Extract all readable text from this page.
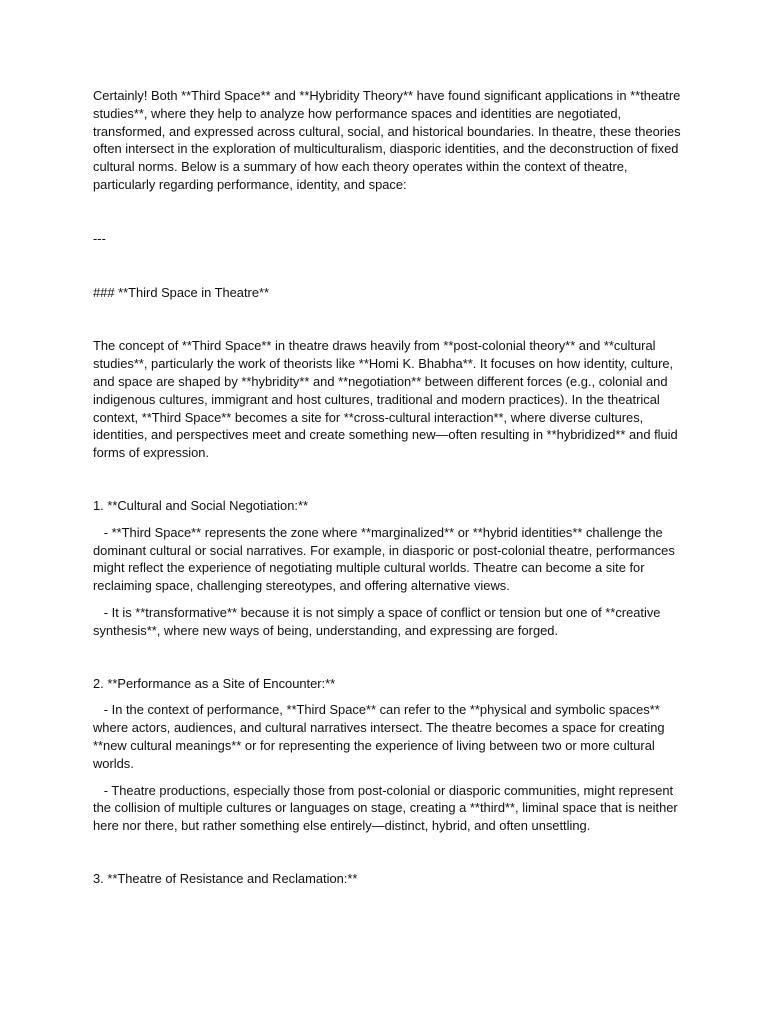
Certainly! Both **Third Space** and **Hybridity Theory** have found significant applications in **theatre studies**, where they help to analyze how performance spaces and identities are negotiated, transformed, and expressed across cultural, social, and historical boundaries. In theatre, these theories often intersect in the exploration of multiculturalism, diasporic identities, and the deconstruction of fixed cultural norms. Below is a summary of how each theory operates within the context of theatre, particularly regarding performance, identity, and space:

---

### **Third Space in Theatre**

The concept of **Third Space** in theatre draws heavily from **post-colonial theory** and **cultural studies**, particularly the work of theorists like **Homi K. Bhabha**. It focuses on how identity, culture, and space are shaped by **hybridity** and **negotiation** between different forces (e.g., colonial and indigenous cultures, immigrant and host cultures, traditional and modern practices). In the theatrical context, **Third Space** becomes a site for **cross-cultural interaction**, where diverse cultures, identities, and perspectives meet and create something new—often resulting in **hybridized** and fluid forms of expression.

1. **Cultural and Social Negotiation:**

- **Third Space** represents the zone where **marginalized** or **hybrid identities** challenge the dominant cultural or social narratives. For example, in diasporic or post-colonial theatre, performances might reflect the experience of negotiating multiple cultural worlds. Theatre can become a site for reclaiming space, challenging stereotypes, and offering alternative views.

- It is **transformative** because it is not simply a space of conflict or tension but one of **creative synthesis**, where new ways of being, understanding, and expressing are forged.

2. **Performance as a Site of Encounter:**

- In the context of performance, **Third Space** can refer to the **physical and symbolic spaces** where actors, audiences, and cultural narratives intersect. The theatre becomes a space for creating **new cultural meanings** or for representing the experience of living between two or more cultural worlds.

- Theatre productions, especially those from post-colonial or diasporic communities, might represent the collision of multiple cultures or languages on stage, creating a **third**, liminal space that is neither here nor there, but rather something else entirely—distinct, hybrid, and often unsettling.

3. **Theatre of Resistance and Reclamation:**
